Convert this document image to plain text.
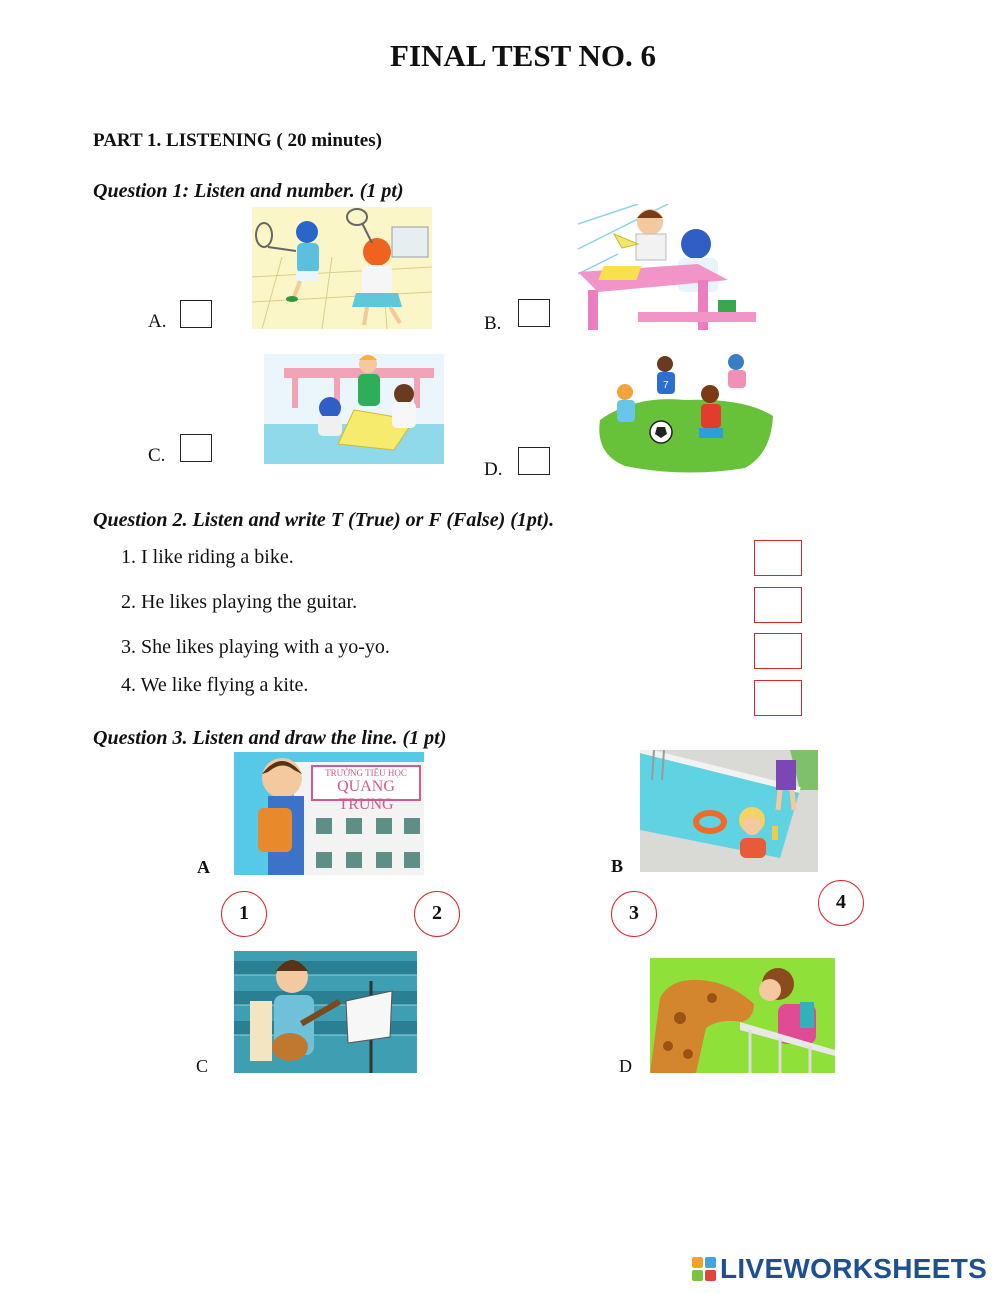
FINAL TEST NO. 6
PART 1. LISTENING ( 20 minutes)
Question 1: Listen and number. (1 pt)
A.	B.
C.
7
D.
Question 2. Listen and write T (True) or F (False) (1pt).
1. I like riding a bike.
2. He likes playing the guitar.
3. She likes playing with a yo-yo.
4. We like flying a kite.
Question 3. Listen and draw the line. (1 pt)
TRƯỜNG TIỂU HỌC
QUANG TRUNG
A	B
1	2	3	4
C	D
LIVEWORKSHEETS
